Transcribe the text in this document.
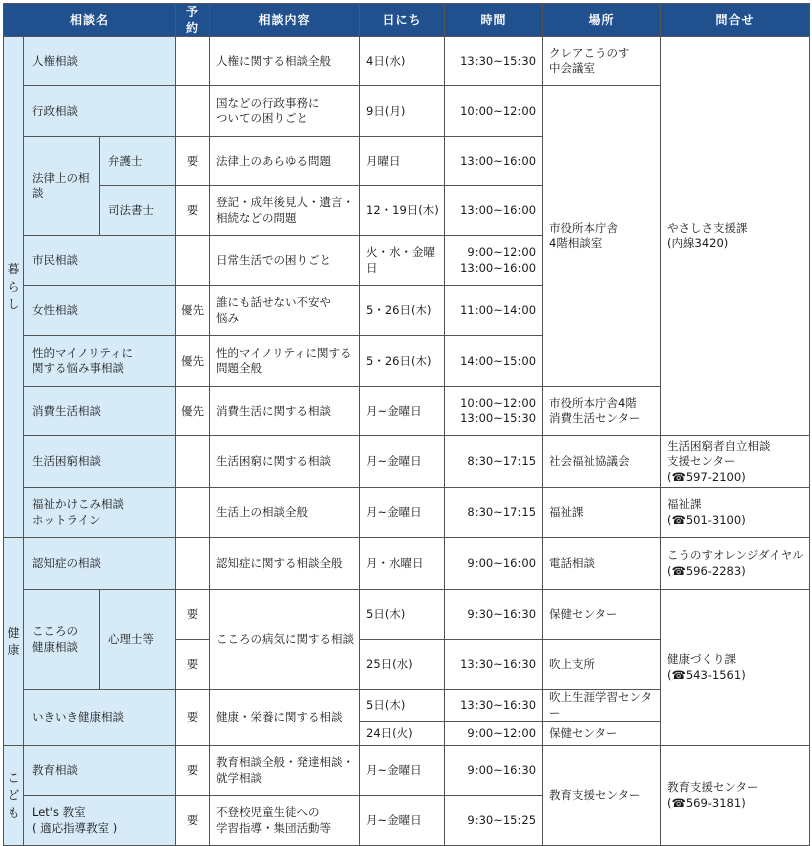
相談名			予約	相談内容	日にち	時間	場所	問合せ
暮らし	人権相談			人権に関する相談全般	4日(水)	13:30~15:30	クレアこうのす
中会議室	やさしさ支援課
(内線3420)

	行政相談			国などの行政事務に
ついての困りごと	9日(月)	10:00~12:00	市役所本庁舎
4階相談室	

	法律上の相談	弁護士	要	法律上のあらゆる問題	月曜日	13:00~16:00		
		司法書士	要	登記・成年後見人・遺言・
相続などの問題	12・19日(木)	13:00~16:00		
	市民相談			日常生活での困りごと	火・水・金曜日	9:00~12:00
13:00~16:00		

	女性相談		優先	誰にも話せない不安や
悩み	5・26日(木)	11:00~14:00		

	性的マイノリティに
関する悩み事相談		優先	性的マイノリティに関する
問題全般	5・26日(木)	14:00~15:00		
	消費生活相談		優先	消費生活に関する相談	月~金曜日	10:00~12:00
13:00~15:30	市役所本庁舎4階
消費生活センター	

	生活困窮相談			生活困窮に関する相談	月~金曜日	8:30~17:15	社会福祉協議会	生活困窮者自立相談
支援センター
(☎597-2100)

	福祉かけこみ相談
ホットライン			生活上の相談全般	月~金曜日	8:30~17:15	福祉課	福祉課
(☎501-3100)

健康	認知症の相談			認知症に関する相談全般	月・水曜日	9:00~16:00	電話相談	こうのすオレンジダイヤル
(☎596-2283)

	こころの
健康相談	心理士等	要	こころの病気に関する相談	5日(木)	9:30~16:30	保健センター	健康づくり課
(☎543-1561)

			要		25日(水)	13:30~16:30	吹上支所	
	いきいき健康相談		要	健康・栄養に関する相談	5日(木)	13:30~16:30	吹上生涯学習センター	
					24日(火)	9:00~12:00	保健センター	
こども	教育相談		要	教育相談全般・発達相談・
就学相談	月~金曜日	9:00~16:30	教育支援センター	教育支援センター
(☎569-3181)

	Let's 教室
( 適応指導教室 )		要	不登校児童生徒への
学習指導・集団活動等	月~金曜日	9:30~15:25		
